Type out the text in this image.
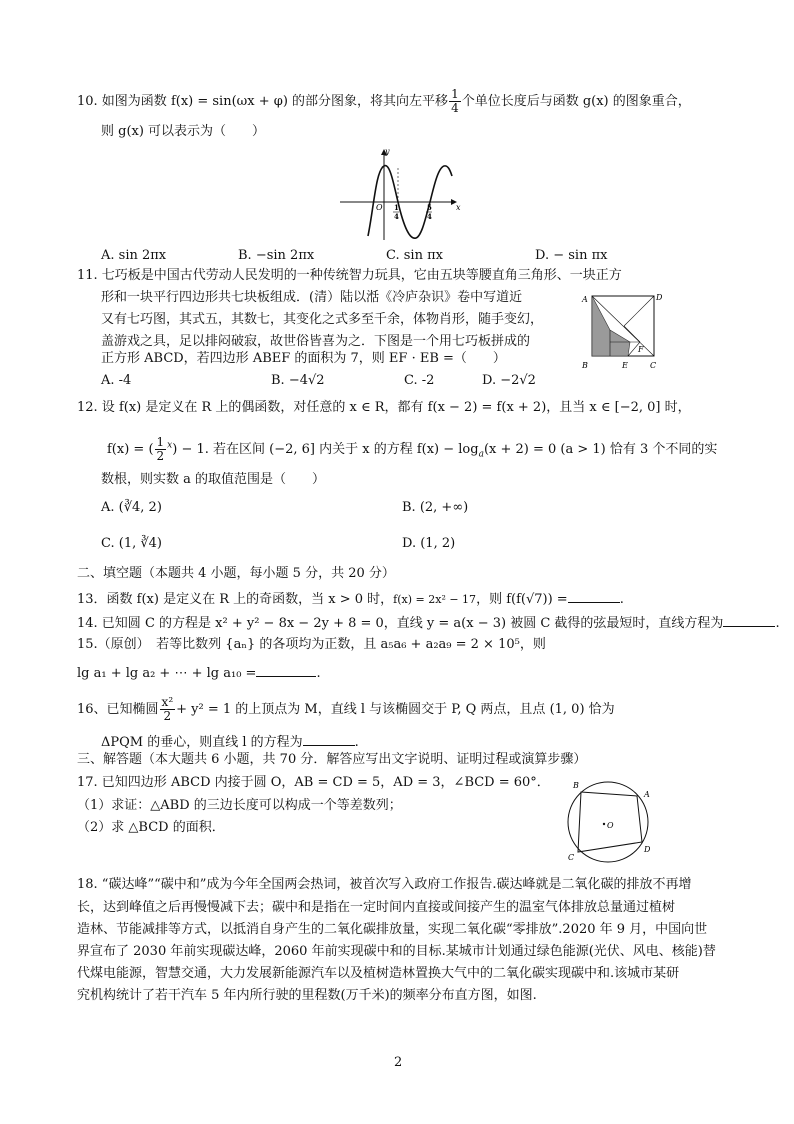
10. 如图为函数 f(x) = sin(ωx + φ) 的部分图象，将其向左平移 $\frac{1}{4}$ 个单位长度后与函数 g(x) 的图象重合，
则 g(x) 可以表示为（　　）
y
x
O 1
4
5
4
A. sin 2πx	B. −sin 2πx	C. sin πx	D. − sin πx
11. 七巧板是中国古代劳动人民发明的一种传统智力玩具，它由五块等腰直角三角形、一块正方
形和一块平行四边形共七块板组成．(清）陆以湉《冷庐杂识》卷中写道近
又有七巧图，其式五，其数七，其变化之式多至千余，体物肖形，随手变幻，
盖游戏之具，足以排闷破寂，故世俗皆喜为之．下图是一个用七巧板拼成的
正方形 ABCD，若四边形 ABEF 的面积为 7，则 EF · EB =（　　）
A. -4	B. −4√2	C. -2	D. −2√2
A	D
B	E	C
F
12. 设 f(x) 是定义在 R 上的偶函数，对任意的 x ∈ R，都有 f(x − 2) = f(x + 2)，且当 x ∈ [−2, 0] 时，
f(x) = ( $\frac{1}{2} ^x) - 1$. 若在区间 (−2, 6] 内关于 x 的方程 $f(x) - \log_a(x + 2) = 0$ (a > 1) 恰有 3 个不同的实
数根，则实数 a 的取值范围是（　　）
A. (∛4, 2)	B. (2, +∞)
C. (1, ∛4)	D. (1, 2)
二、填空题（本题共 4 小题，每小题 5 分，共 20 分）
13．函数 f(x) 是定义在 R 上的奇函数，当 x > 0 时，f(x) = 2x² − 17，则 f(f(√7)) =	.
14. 已知圆 C 的方程是 x² + y² − 8x − 2y + 8 = 0，直线 y = a(x − 3) 被圆 C 截得的弦最短时，直线方程为	.
15.（原创）　若等比数列 {aₙ} 的各项均为正数，且 a₅a₆ + a₂a₉ = 2 × 10⁵，则
lg a₁ + lg a₂ + ⋯ + lg a₁₀ =	.
16、已知椭圆 $\frac{\text{x²}}{2} + y^2 = 1$ 的上顶点为 M，直线 l 与该椭圆交于 P, Q 两点，且点 (1, 0) 恰为
ΔPQM 的垂心，则直线 l 的方程为	.
三、解答题（本大题共 6 小题，共 70 分．解答应写出文字说明、证明过程或演算步骤）
17. 已知四边形 ABCD 内接于圆 O，AB = CD = 5，AD = 3，∠BCD = 60°．
（1）求证：△ABD 的三边长度可以构成一个等差数列；
（2）求 △BCD 的面积．	O
B
A
D
C
18. “碳达峰”“碳中和”成为今年全国两会热词，被首次写入政府工作报告.碳达峰就是二氧化碳的排放不再增
长，达到峰值之后再慢慢减下去；碳中和是指在一定时间内直接或间接产生的温室气体排放总量通过植树
造林、节能减排等方式，以抵消自身产生的二氧化碳排放量，实现二氧化碳“零排放”.2020 年 9 月，中国向世
界宣布了 2030 年前实现碳达峰，2060 年前实现碳中和的目标.某城市计划通过绿色能源(光伏、风电、核能)替
代煤电能源，智慧交通，大力发展新能源汽车以及植树造林置换大气中的二氧化碳实现碳中和.该城市某研
究机构统计了若干汽车 5 年内所行驶的里程数(万千米)的频率分布直方图，如图.
2
